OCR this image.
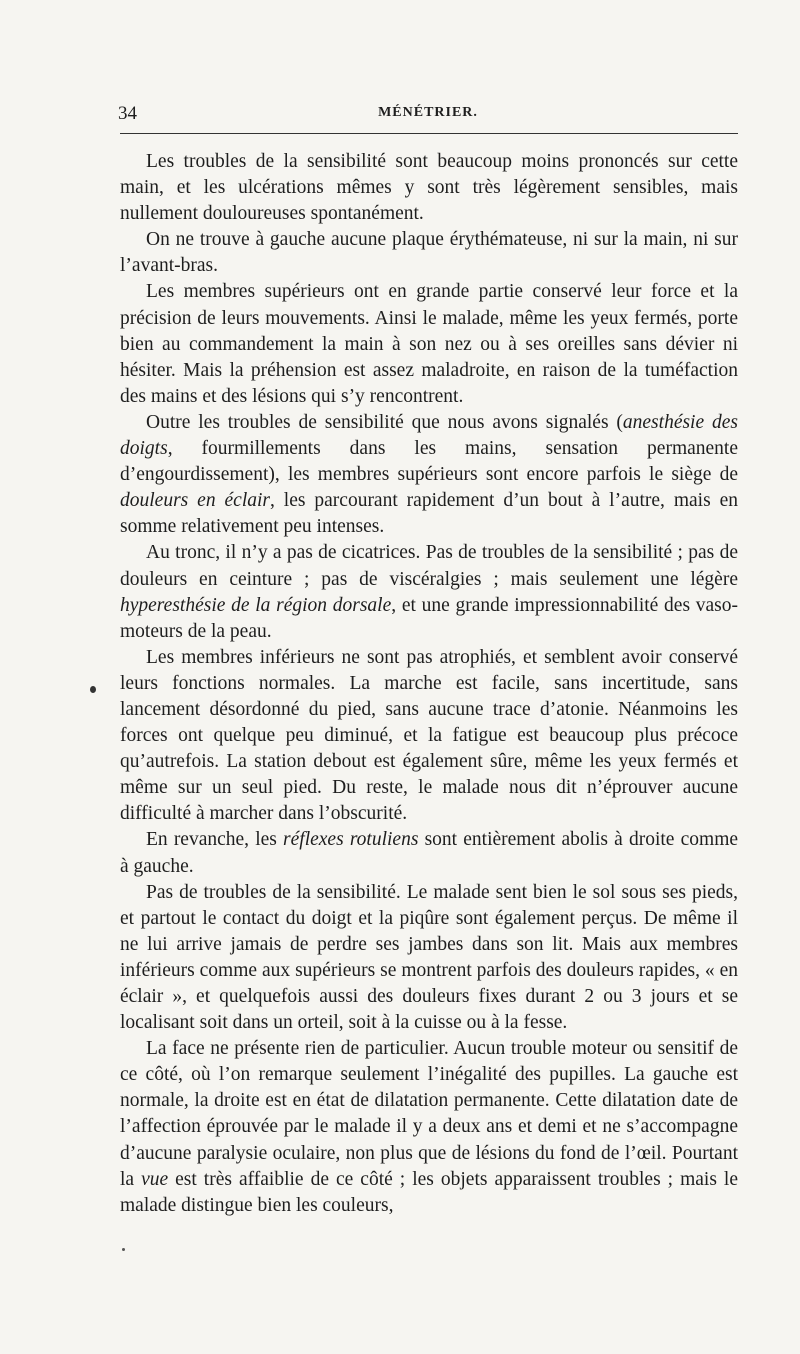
34	MÉNÉTRIER.

Les troubles de la sensibilité sont beaucoup moins prononcés sur cette main, et les ulcérations mêmes y sont très légèrement sensibles, mais nullement douloureuses spontanément.

On ne trouve à gauche aucune plaque érythémateuse, ni sur la main, ni sur l’avant-bras.

Les membres supérieurs ont en grande partie conservé leur force et la précision de leurs mouvements. Ainsi le malade, même les yeux fermés, porte bien au commandement la main à son nez ou à ses oreilles sans dévier ni hésiter. Mais la préhension est assez maladroite, en raison de la tuméfaction des mains et des lésions qui s’y rencontrent.

Outre les troubles de sensibilité que nous avons signalés (anesthésie des doigts, fourmillements dans les mains, sensation permanente d’engourdissement), les membres supérieurs sont encore parfois le siège de douleurs en éclair, les parcourant rapidement d’un bout à l’autre, mais en somme relativement peu intenses.

Au tronc, il n’y a pas de cicatrices. Pas de troubles de la sensibilité ; pas de douleurs en ceinture ; pas de viscéralgies ; mais seulement une légère hyperesthésie de la région dorsale, et une grande impressionnabilité des vaso-moteurs de la peau.

Les membres inférieurs ne sont pas atrophiés, et semblent avoir conservé leurs fonctions normales. La marche est facile, sans incertitude, sans lancement désordonné du pied, sans aucune trace d’atonie. Néanmoins les forces ont quelque peu diminué, et la fatigue est beaucoup plus précoce qu’autrefois. La station debout est également sûre, même les yeux fermés et même sur un seul pied. Du reste, le malade nous dit n’éprouver aucune difficulté à marcher dans l’obscurité.

En revanche, les réflexes rotuliens sont entièrement abolis à droite comme à gauche.

Pas de troubles de la sensibilité. Le malade sent bien le sol sous ses pieds, et partout le contact du doigt et la piqûre sont également perçus. De même il ne lui arrive jamais de perdre ses jambes dans son lit. Mais aux membres inférieurs comme aux supérieurs se montrent parfois des douleurs rapides, « en éclair », et quelquefois aussi des douleurs fixes durant 2 ou 3 jours et se localisant soit dans un orteil, soit à la cuisse ou à la fesse.

La face ne présente rien de particulier. Aucun trouble moteur ou sensitif de ce côté, où l’on remarque seulement l’inégalité des pupilles. La gauche est normale, la droite est en état de dilatation permanente. Cette dilatation date de l’affection éprouvée par le malade il y a deux ans et demi et ne s’accompagne d’aucune paralysie oculaire, non plus que de lésions du fond de l’œil. Pourtant la vue est très affaiblie de ce côté ; les objets apparaissent troubles ; mais le malade distingue bien les couleurs,
